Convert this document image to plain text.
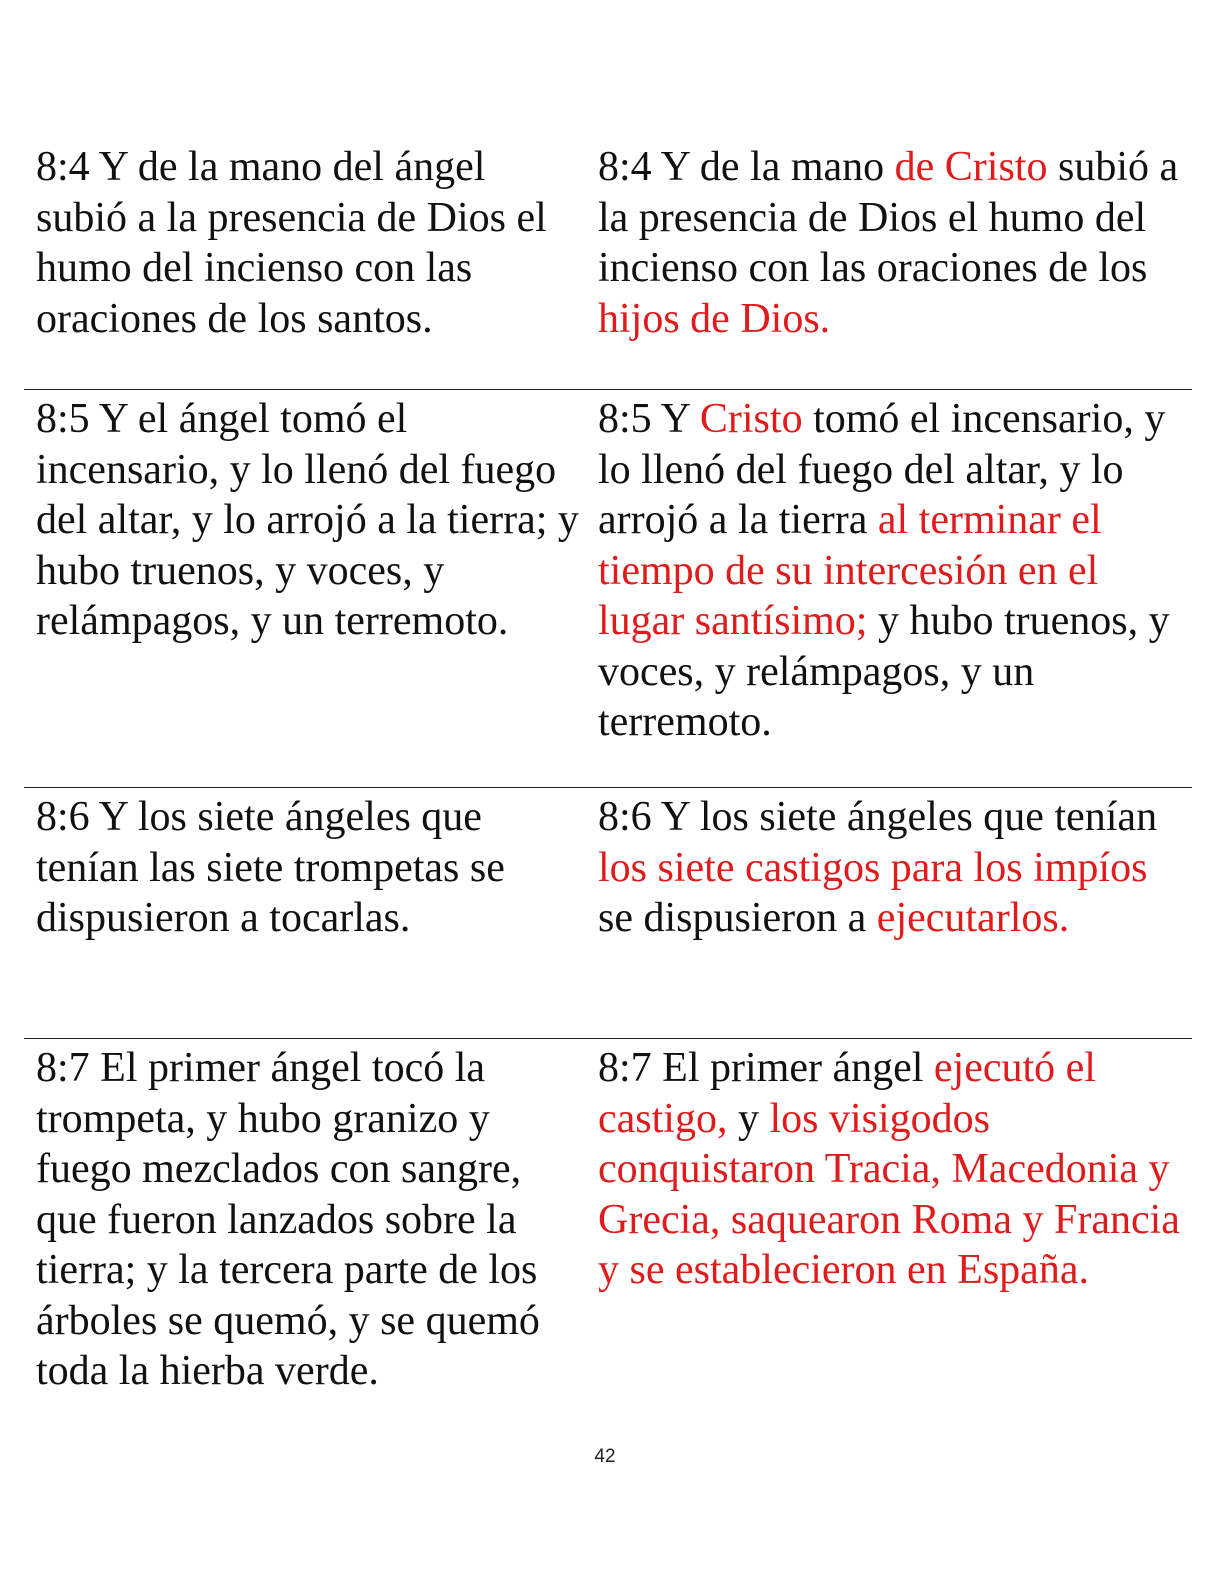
8:4 Y de la mano del ángel subió a la presencia de Dios el humo del incienso con las oraciones de los santos.	8:4 Y de la mano de Cristo subió a la presencia de Dios el humo del incienso con las oraciones de los hijos de Dios.

8:5 Y el ángel tomó el incensario, y lo llenó del fuego del altar, y lo arrojó a la tierra; y hubo truenos, y voces, y relámpagos, y un terremoto.	8:5 Y Cristo tomó el incensario, y lo llenó del fuego del altar, y lo arrojó a la tierra al terminar el tiempo de su intercesión en el lugar santísimo; y hubo truenos, y voces, y relámpagos, y un terremoto.

8:6 Y los siete ángeles que tenían las siete trompetas se dispusieron a tocarlas.	8:6 Y los siete ángeles que tenían los siete castigos para los impíos se dispusieron a ejecutarlos.

8:7 El primer ángel tocó la trompeta, y hubo granizo y fuego mezclados con sangre, que fueron lanzados sobre la tierra; y la tercera parte de los árboles se quemó, y se quemó toda la hierba verde.	8:7 El primer ángel ejecutó el castigo, y los visigodos conquistaron Tracia, Macedonia y Grecia, saquearon Roma y Francia y se establecieron en España.
42
